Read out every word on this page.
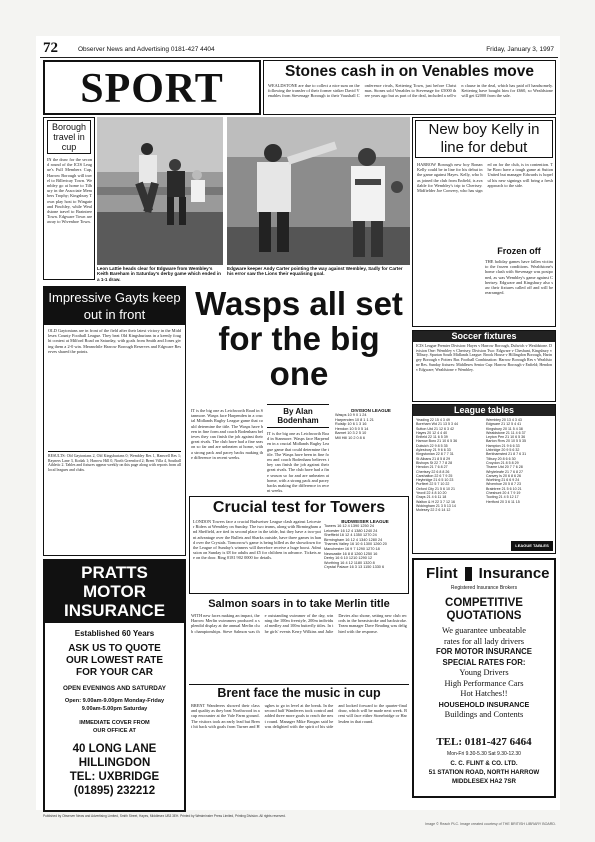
72	Observer News and Advertising 0181-427 4404	Friday, January 3, 1997
SPORT	Stones cash in on Venables move
WEALDSTONE are due to collect a nice sum on the following the transfer of their former striker David Venables from Stevenage Borough to their Vauxhall Conference rivals, Kettering Town, just before Christmas. Stones sold Venables to Stevenage for £5000 three years ago but as part of the deal, included a sell-on clause in the deal, which has paid off handsomely. Kettering have bought him for £660, so Wealdstone will get £2000 from the sale.
Borough travel in cup
IN the draw for the second round of the ICIS League's Full Members Cup, Harrow Borough will travel to Billericay Town. Wembley go at home to Tilbury in the Associate Members Trophy; Kingsbury Town play host to Wingate and Finchley, while Wealdstone travel to Braintree Town. Edgware Town are away to Wivenhoe Town.
Leon Lattie heads clear for Edgware from Wembley's Keith Bareham in Saturday's derby game which ended in a 1-1 draw.
Edgware keeper Andy Carter pointing the way against Wembley, Sadly for Carter his error saw the Lions their equalising goal.
New boy Kelly in line for debut
HARROW Borough new boy Ronan Kelly could be in line for his debut in the game against Hayes. Kelly, who has joined the club from Enfield, is available for Wembley's trip to Chertsey. Midfielder Joe Convery, who has signed on for the club, is in contention. The Boro have a tough game at Sutton United but manager Edwards is hopeful his new signings will bring a fresh approach to the side.
Frozen off
THE holiday games have fallen victim to the frozen conditions. Wealdstone's home clash with Stevenage was postponed, as was Wembley's game against Chertsey. Edgware and Kingsbury also saw their fixtures called off and will be rearranged.
Impressive Gayts keep out in front
OLD Gaytonians are in front of the field after their latest victory in the Middlesex County Football League. They beat Old Kingsburians in a keenly fought contest at Milford Road on Saturday, with goals from Smith and Jones giving them a 2-0 win. Meanwhile Harrow Borough Reserves and Edgware Reserves shared the points.
RESULTS: Old Gaytonians 2, Old Kingsburians 0; Wembley Res 1, Hanwell Res 1; Rayners Lane 3, Kodak 1; Harrow Hill 0, North Greenford 2; Brent Villa 4, Southall Athletic 2. Tables and fixtures appear weekly on this page along with reports from all local leagues and clubs.
Wasps all set for the big one
By Alan Bodenham
IT is the big one as Letchworth Road in Stanmore. Wasps face Harpenden in a crucial Midlands Rugby League game that could determine the title. The Wasps have been in fine form and coach Bodenham believes they can finish the job against their great rivals. The club have had a fine season so far and are unbeaten at home, with a strong pack and pacey backs making the difference in recent weeks.
IT is the big one as Letchworth Road in Stanmore. Wasps face Harpenden in a crucial Midlands Rugby League game that could determine the title. The Wasps have been in fine form and coach Bodenham believes they can finish the job against their great rivals. The club have had a fine season so far and are unbeaten at home, with a strong pack and pacey backs making the difference in recent weeks.
DIVISION LEAGUE
Wasps 10 9 0 1 24
Harpenden 10 8 1 1 21
Ruislip 10 6 1 3 16
Hendon 10 5 0 5 14
Barnet 10 3 2 5 10
Mill Hill 10 2 0 8 6
Soccer fixtures
ICIS League Premier Division: Hayes v Harrow Borough, Dulwich v Wealdstone. Division One: Wembley v Chertsey. Division Two: Edgware v Cheshunt, Kingsbury v Tilbury. Spartan South Midlands League: Brook House v Hillingdon Borough, Haringey Borough v Potters Bar. Football Combination: Harrow Borough Res v Wealdstone Res. Sunday fixtures: Middlesex Senior Cup: Harrow Borough v Enfield; Hendon v Edgware; Wealdstone v Wembley.
League tables
Yeading 22 15 4 3 49
Boreham Wd 21 13 5 3 44
Sutton Utd 21 12 6 3 42
Hayes 20 12 4 4 40
Enfield 22 11 6 5 39
Harrow Boro 21 10 6 5 36
Dulwich 22 9 8 5 35
Aylesbury 21 9 6 6 33
Kingstonian 22 8 7 7 31
St Albans 21 8 5 8 29
Bishops St 22 7 7 8 28
Hendon 21 7 6 8 27
Chertsey 22 6 8 8 26
Carshalton 22 6 7 9 25
Heybridge 21 6 5 10 23
Purfleet 22 5 7 10 22
Oxford City 21 5 6 10 21
Yeovil 22 4 8 10 20
Grays 21 4 6 11 18
Walton & H 22 3 7 12 16
Wokingham 21 3 5 13 14
Molesey 22 2 6 14 12
Wembley 20 13 4 3 43
Edgware 21 12 5 4 41
Kingsbury 20 11 5 4 38
Wealdstone 21 11 4 6 37
Leyton Pen 21 10 6 5 36
Barton Rvrs 20 10 5 5 35
Hampton 21 9 6 6 33
Uxbridge 20 9 5 6 32
Berkhamsted 21 8 7 6 31
Tilbury 20 8 6 6 30
Croydon 21 8 5 8 29
Thame Utd 20 7 7 6 28
Whyteleafe 21 7 6 8 27
Canvey Is 20 6 8 6 26
Worthing 21 6 6 9 24
Wivenhoe 20 5 8 7 23
Braintree 21 5 6 10 21
Cheshunt 20 4 7 9 19
Tooting 21 4 5 12 17
Hertford 20 3 6 11 15
LEAGUE TABLES
Crucial test for Towers
LONDON Towers face a crucial Budweiser League clash against Leicester Riders at Wembley on Sunday. The two teams, along with Birmingham and Sheffield, are tied in second place in the table, but they have a two-point advantage over the Bullets and Sharks outside, have three games in hand over the Crystals. Tomorrow's game is being billed as the showdown for the League of Sunday's winners will therefore receive a huge boost. Admission on Sunday is £8 for adults and £5 for children in advance. Tickets are on the door. Ring 0181 902 0000 for details.
BUDWEISER LEAGUE
Towers 16 12 4 1390 1250 24
Leicester 16 12 4 1380 1240 24
Sheffield 16 12 4 1350 1270 24
Birmingham 16 12 4 1340 1280 24
Thames Valley 16 10 6 1300 1260 20
Manchester 16 9 7 1290 1270 18
Newcastle 16 8 8 1260 1250 16
Derby 16 6 10 1210 1290 12
Worthing 16 4 12 1180 1320 8
Crystal Palace 16 3 13 1150 1330 6
PRATTS
MOTOR
INSURANCE
Established 60 Years
ASK US TO QUOTE
OUR LOWEST RATE
FOR YOUR CAR
OPEN EVENINGS AND SATURDAY
Open: 9.00am-9.00pm Monday-Friday
9.00am-5.00pm Saturday
IMMEDIATE COVER FROM
OUR OFFICE AT
40 LONG LANE
HILLINGDON
TEL: UXBRIDGE
(01895) 232212
Salmon soars in to take Merlin title
WITH new faces making an impact, the Harrow Merlin swimmers produced a splendid display at the annual Merlin club championships. Steve Salmon was the outstanding swimmer of the day, winning the 100m freestyle, 200m individual medley and 100m butterfly titles. In the girls' events Kerry Wilkins and Julie Davies also shone, setting new club records in the breaststroke and backstroke. Team manager Dave Reading was delighted with the response.
Brent face the music in cup
BRENT Wanderers showed their class and quality as they beat Northwood in a cup encounter at the Vale Farm ground. The visitors took an early lead but Brent hit back with goals from Turner and Hughes to go in level at the break. In the second half Wanderers took control and added three more goals to reach the next round. Manager Mike Brogan said he was delighted with the spirit of his side and looked forward to the quarter-final draw, which will be made next week. Brent will face either Stonebridge or Harlesden in that round.
Flint Insurance
Registered Insurance Brokers
COMPETITIVE
QUOTATIONS
We guarantee unbeatable
rates for all lady drivers
FOR MOTOR INSURANCE
SPECIAL RATES FOR:
Young Drivers
High Performance Cars
Hot Hatches!!
HOUSEHOLD INSURANCE
Buildings and Contents
TEL: 0181-427 6464
Mon-Fri 9.30-5.30 Sat 9.30-12.30
C. C. FLINT & CO. LTD.
51 STATION ROAD, NORTH HARROW
MIDDLESEX HA2 7SR
Published by Observer News and Advertising Limited, Smith Street, Hayes, Middlesex UB3 3EH. Printed by Westminster Press Limited, Printing Division. All rights reserved.
Image © Reach PLC. Image created courtesy of THE BRITISH LIBRARY BOARD.
